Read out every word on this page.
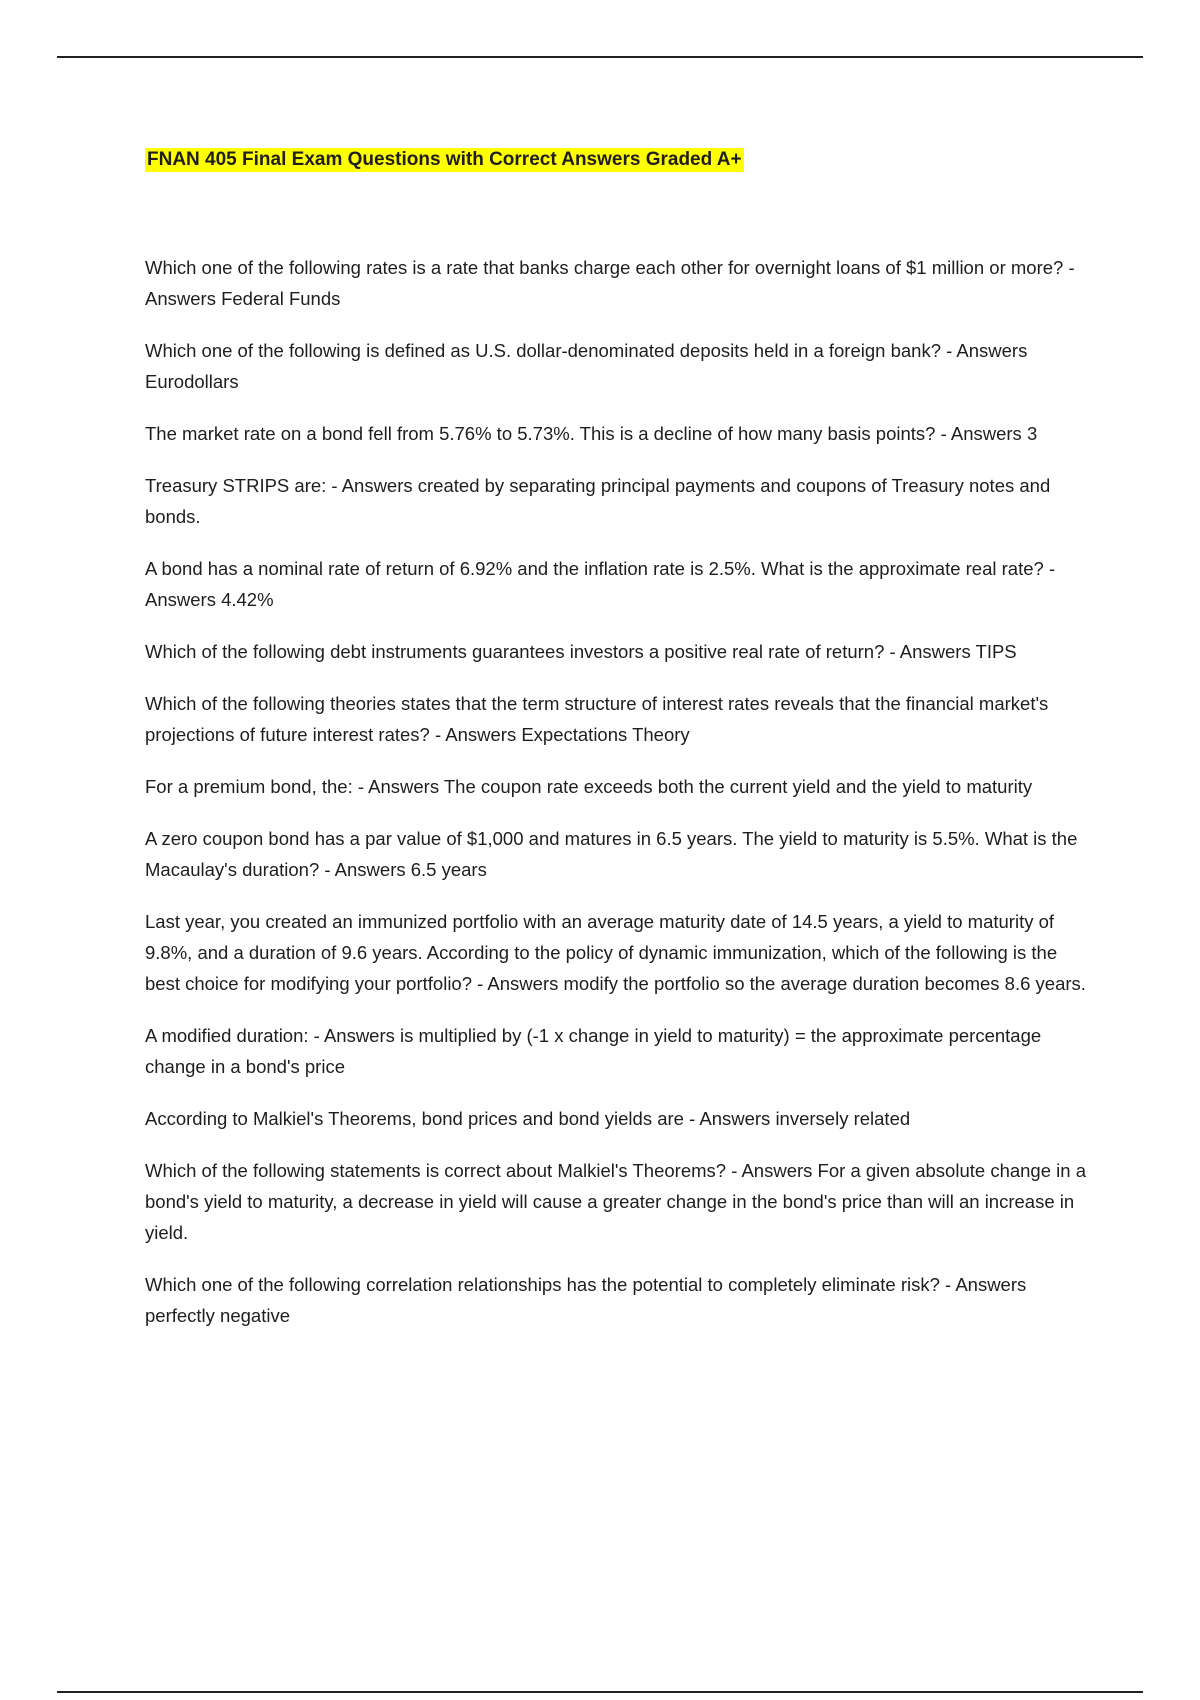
FNAN 405 Final Exam Questions with Correct Answers Graded A+

Which one of the following rates is a rate that banks charge each other for overnight loans of $1 million or more? - Answers Federal Funds

Which one of the following is defined as U.S. dollar-denominated deposits held in a foreign bank? - Answers Eurodollars

The market rate on a bond fell from 5.76% to 5.73%. This is a decline of how many basis points? - Answers 3

Treasury STRIPS are: - Answers created by separating principal payments and coupons of Treasury notes and bonds.

A bond has a nominal rate of return of 6.92% and the inflation rate is 2.5%. What is the approximate real rate? - Answers 4.42%

Which of the following debt instruments guarantees investors a positive real rate of return? - Answers TIPS

Which of the following theories states that the term structure of interest rates reveals that the financial market's projections of future interest rates? - Answers Expectations Theory

For a premium bond, the: - Answers The coupon rate exceeds both the current yield and the yield to maturity

A zero coupon bond has a par value of $1,000 and matures in 6.5 years. The yield to maturity is 5.5%. What is the Macaulay's duration? - Answers 6.5 years

Last year, you created an immunized portfolio with an average maturity date of 14.5 years, a yield to maturity of 9.8%, and a duration of 9.6 years. According to the policy of dynamic immunization, which of the following is the best choice for modifying your portfolio? - Answers modify the portfolio so the average duration becomes 8.6 years.

A modified duration: - Answers is multiplied by (-1 x change in yield to maturity) = the approximate percentage change in a bond's price

According to Malkiel's Theorems, bond prices and bond yields are - Answers inversely related

Which of the following statements is correct about Malkiel's Theorems? - Answers For a given absolute change in a bond's yield to maturity, a decrease in yield will cause a greater change in the bond's price than will an increase in yield.

Which one of the following correlation relationships has the potential to completely eliminate risk? - Answers perfectly negative
